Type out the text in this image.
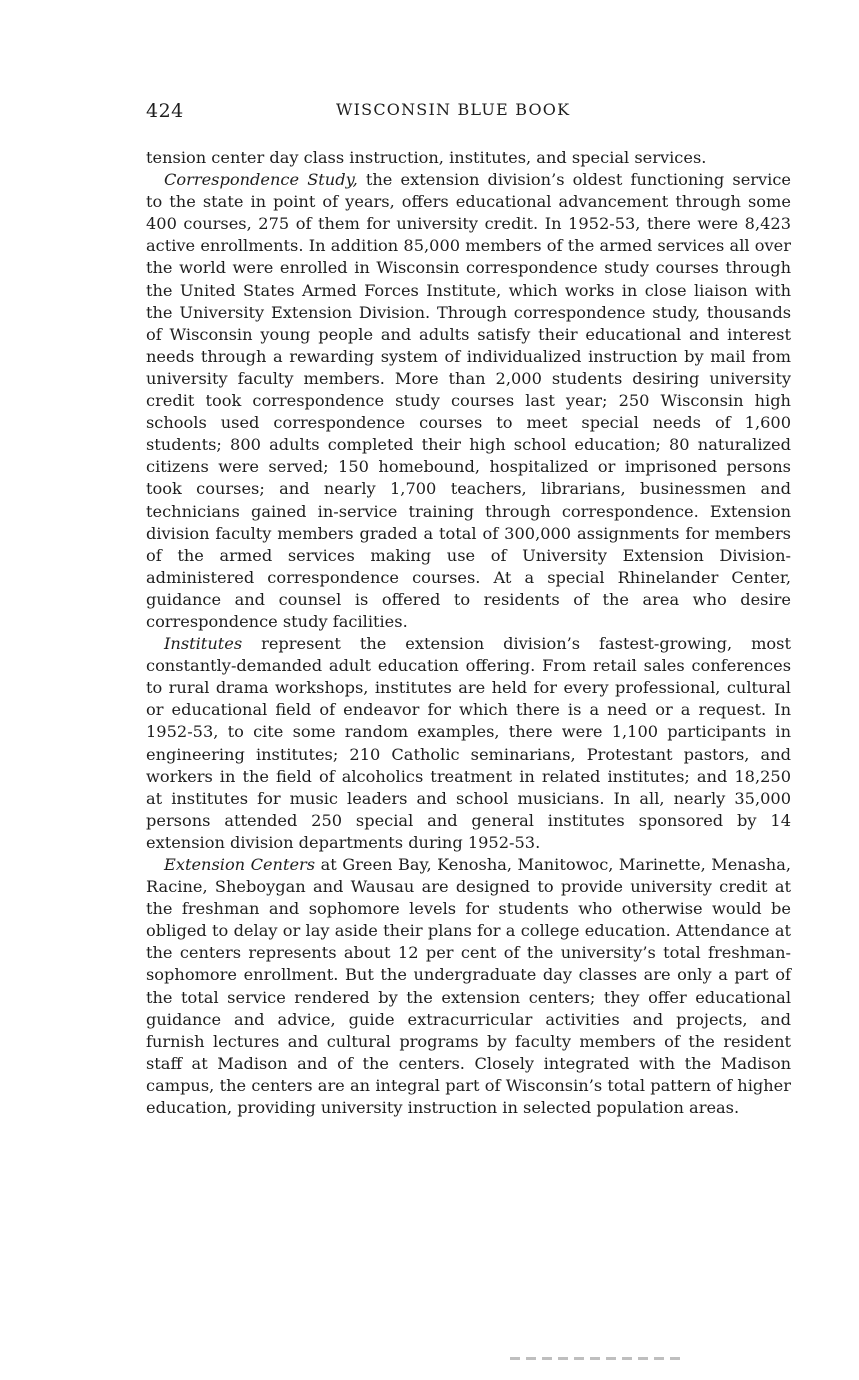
424	WISCONSIN BLUE BOOK

tension center day class instruction, institutes, and special services.

Correspondence Study, the extension division’s oldest functioning service to the state in point of years, offers educational advancement through some 400 courses, 275 of them for university credit. In 1952-53, there were 8,423 active enrollments. In addition 85,000 members of the armed services all over the world were enrolled in Wisconsin correspondence study courses through the United States Armed Forces Institute, which works in close liaison with the University Extension Division. Through correspondence study, thousands of Wisconsin young people and adults satisfy their educational and interest needs through a rewarding system of individualized instruction by mail from university faculty members. More than 2,000 students desiring university credit took correspondence study courses last year; 250 Wisconsin high schools used correspondence courses to meet special needs of 1,600 students; 800 adults completed their high school education; 80 naturalized citizens were served; 150 homebound, hospitalized or imprisoned persons took courses; and nearly 1,700 teachers, librarians, businessmen and technicians gained in-service training through correspondence. Extension division faculty members graded a total of 300,000 assignments for members of the armed services making use of University Extension Division-administered correspondence courses. At a special Rhinelander Center, guidance and counsel is offered to residents of the area who desire correspondence study facilities.

Institutes represent the extension division’s fastest-growing, most constantly-demanded adult education offering. From retail sales conferences to rural drama workshops, institutes are held for every professional, cultural or educational field of endeavor for which there is a need or a request. In 1952-53, to cite some random examples, there were 1,100 participants in engineering institutes; 210 Catholic seminarians, Protestant pastors, and workers in the field of alcoholics treatment in related institutes; and 18,250 at institutes for music leaders and school musicians. In all, nearly 35,000 persons attended 250 special and general institutes sponsored by 14 extension division departments during 1952-53.

Extension Centers at Green Bay, Kenosha, Manitowoc, Marinette, Menasha, Racine, Sheboygan and Wausau are designed to provide university credit at the freshman and sophomore levels for students who otherwise would be obliged to delay or lay aside their plans for a college education. Attendance at the centers represents about 12 per cent of the university’s total freshman-sophomore enrollment. But the undergraduate day classes are only a part of the total service rendered by the extension centers; they offer educational guidance and advice, guide extracurricular activities and projects, and furnish lectures and cultural programs by faculty members of the resident staff at Madison and of the centers. Closely integrated with the Madison campus, the centers are an integral part of Wisconsin’s total pattern of higher education, providing university instruction in selected population areas.
